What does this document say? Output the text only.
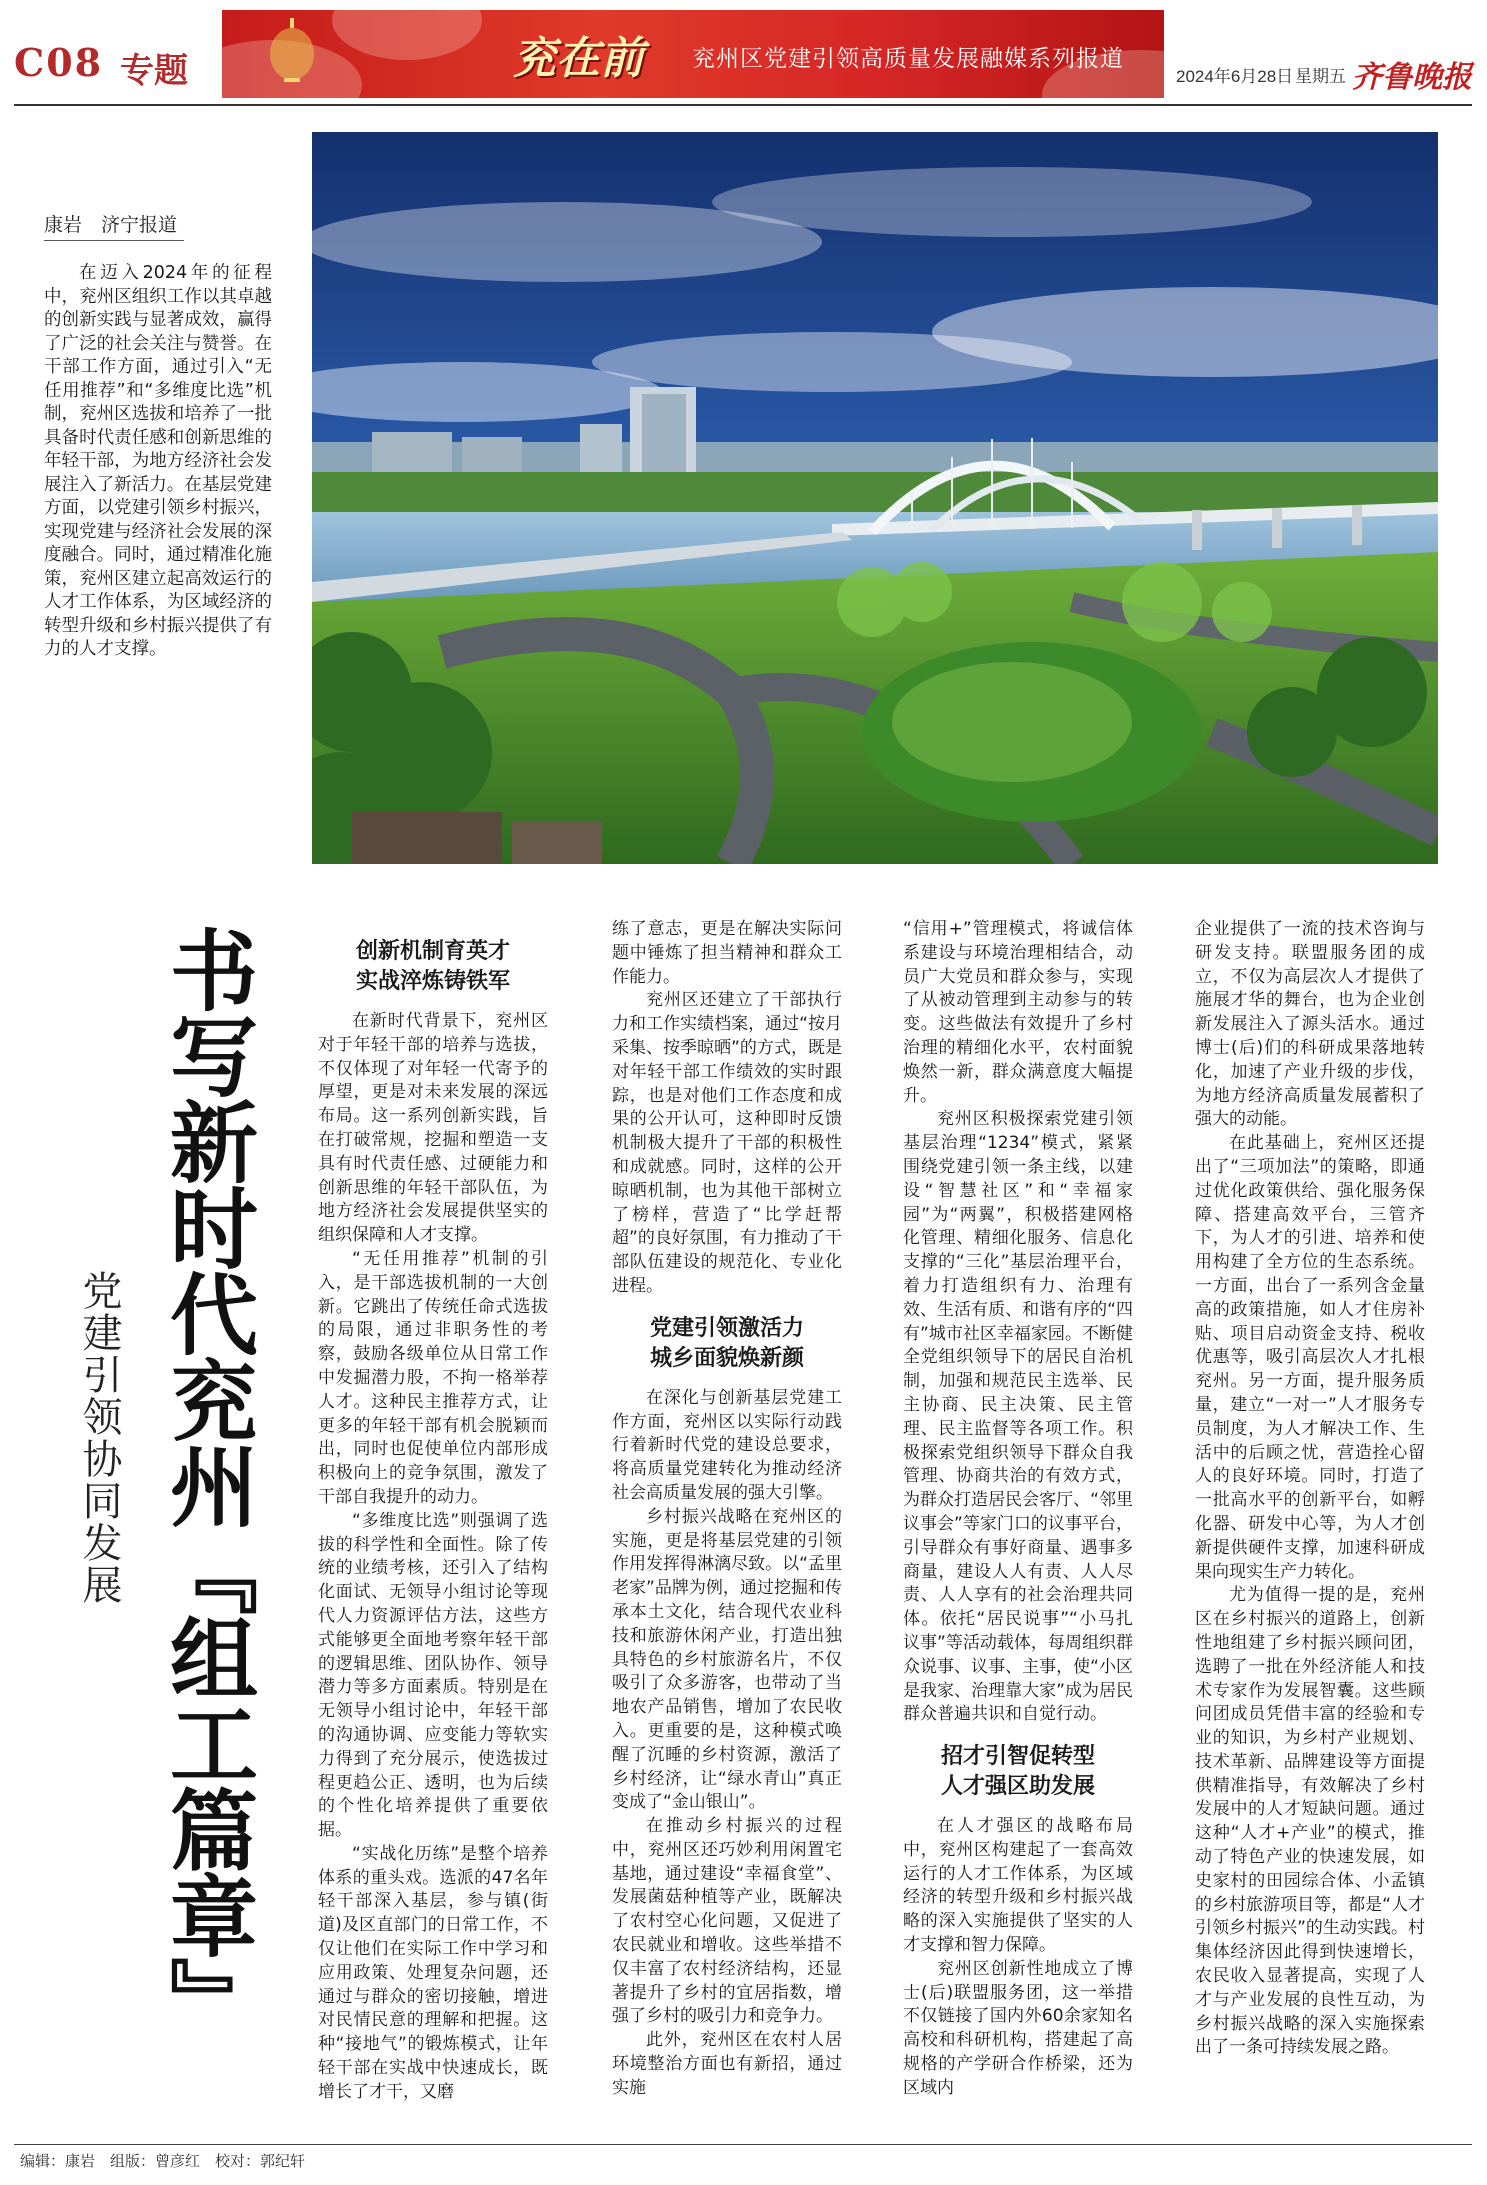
C08 专题	兖在前 兖州区党建引领高质量发展融媒系列报道
2024年6月28日 星期五 齐鲁晚报
康岩　济宁报道
在迈入2024年的征程中，兖州区组织工作以其卓越的创新实践与显著成效，赢得了广泛的社会关注与赞誉。在干部工作方面，通过引入“无任用推荐”和“多维度比选”机制，兖州区选拔和培养了一批具备时代责任感和创新思维的年轻干部，为地方经济社会发展注入了新活力。在基层党建方面，以党建引领乡村振兴，实现党建与经济社会发展的深度融合。同时，通过精准化施策，兖州区建立起高效运行的人才工作体系，为区域经济的转型升级和乡村振兴提供了有力的人才支撑。
书写新时代兖州『组工篇章』
党建引领协同发展
创新机制育英才
实战淬炼铸铁军

在新时代背景下，兖州区对于年轻干部的培养与选拔，不仅体现了对年轻一代寄予的厚望，更是对未来发展的深远布局。这一系列创新实践，旨在打破常规，挖掘和塑造一支具有时代责任感、过硬能力和创新思维的年轻干部队伍，为地方经济社会发展提供坚实的组织保障和人才支撑。

“无任用推荐”机制的引入，是干部选拔机制的一大创新。它跳出了传统任命式选拔的局限，通过非职务性的考察，鼓励各级单位从日常工作中发掘潜力股，不拘一格举荐人才。这种民主推荐方式，让更多的年轻干部有机会脱颖而出，同时也促使单位内部形成积极向上的竞争氛围，激发了干部自我提升的动力。

“多维度比选”则强调了选拔的科学性和全面性。除了传统的业绩考核，还引入了结构化面试、无领导小组讨论等现代人力资源评估方法，这些方式能够更全面地考察年轻干部的逻辑思维、团队协作、领导潜力等多方面素质。特别是在无领导小组讨论中，年轻干部的沟通协调、应变能力等软实力得到了充分展示，使选拔过程更趋公正、透明，也为后续的个性化培养提供了重要依据。

“实战化历练”是整个培养体系的重头戏。选派的47名年轻干部深入基层，参与镇(街道)及区直部门的日常工作，不仅让他们在实际工作中学习和应用政策、处理复杂问题，还通过与群众的密切接触，增进对民情民意的理解和把握。这种“接地气”的锻炼模式，让年轻干部在实战中快速成长，既增长了才干，又磨

练了意志，更是在解决实际问题中锤炼了担当精神和群众工作能力。

兖州区还建立了干部执行力和工作实绩档案，通过“按月采集、按季晾晒”的方式，既是对年轻干部工作绩效的实时跟踪，也是对他们工作态度和成果的公开认可，这种即时反馈机制极大提升了干部的积极性和成就感。同时，这样的公开晾晒机制，也为其他干部树立了榜样，营造了“比学赶帮超”的良好氛围，有力推动了干部队伍建设的规范化、专业化进程。

党建引领激活力
城乡面貌焕新颜

在深化与创新基层党建工作方面，兖州区以实际行动践行着新时代党的建设总要求，将高质量党建转化为推动经济社会高质量发展的强大引擎。

乡村振兴战略在兖州区的实施，更是将基层党建的引领作用发挥得淋漓尽致。以“孟里老家”品牌为例，通过挖掘和传承本土文化，结合现代农业科技和旅游休闲产业，打造出独具特色的乡村旅游名片，不仅吸引了众多游客，也带动了当地农产品销售，增加了农民收入。更重要的是，这种模式唤醒了沉睡的乡村资源，激活了乡村经济，让“绿水青山”真正变成了“金山银山”。

在推动乡村振兴的过程中，兖州区还巧妙利用闲置宅基地，通过建设“幸福食堂”、发展菌菇种植等产业，既解决了农村空心化问题，又促进了农民就业和增收。这些举措不仅丰富了农村经济结构，还显著提升了乡村的宜居指数，增强了乡村的吸引力和竞争力。

此外，兖州区在农村人居环境整治方面也有新招，通过实施

“信用+”管理模式，将诚信体系建设与环境治理相结合，动员广大党员和群众参与，实现了从被动管理到主动参与的转变。这些做法有效提升了乡村治理的精细化水平，农村面貌焕然一新，群众满意度大幅提升。

兖州区积极探索党建引领基层治理“1234”模式，紧紧围绕党建引领一条主线，以建设“智慧社区”和“幸福家园”为“两翼”，积极搭建网格化管理、精细化服务、信息化支撑的“三化”基层治理平台，着力打造组织有力、治理有效、生活有质、和谐有序的“四有”城市社区幸福家园。不断健全党组织领导下的居民自治机制，加强和规范民主选举、民主协商、民主决策、民主管理、民主监督等各项工作。积极探索党组织领导下群众自我管理、协商共治的有效方式，为群众打造居民会客厅、“邻里议事会”等家门口的议事平台，引导群众有事好商量、遇事多商量，建设人人有责、人人尽责、人人享有的社会治理共同体。依托“居民说事”“小马扎议事”等活动载体，每周组织群众说事、议事、主事，使“小区是我家、治理靠大家”成为居民群众普遍共识和自觉行动。

招才引智促转型
人才强区助发展

在人才强区的战略布局中，兖州区构建起了一套高效运行的人才工作体系，为区域经济的转型升级和乡村振兴战略的深入实施提供了坚实的人才支撑和智力保障。

兖州区创新性地成立了博士(后)联盟服务团，这一举措不仅链接了国内外60余家知名高校和科研机构，搭建起了高规格的产学研合作桥梁，还为区域内

企业提供了一流的技术咨询与研发支持。联盟服务团的成立，不仅为高层次人才提供了施展才华的舞台，也为企业创新发展注入了源头活水。通过博士(后)们的科研成果落地转化，加速了产业升级的步伐，为地方经济高质量发展蓄积了强大的动能。

在此基础上，兖州区还提出了“三项加法”的策略，即通过优化政策供给、强化服务保障、搭建高效平台，三管齐下，为人才的引进、培养和使用构建了全方位的生态系统。一方面，出台了一系列含金量高的政策措施，如人才住房补贴、项目启动资金支持、税收优惠等，吸引高层次人才扎根兖州。另一方面，提升服务质量，建立“一对一”人才服务专员制度，为人才解决工作、生活中的后顾之忧，营造拴心留人的良好环境。同时，打造了一批高水平的创新平台，如孵化器、研发中心等，为人才创新提供硬件支撑，加速科研成果向现实生产力转化。

尤为值得一提的是，兖州区在乡村振兴的道路上，创新性地组建了乡村振兴顾问团，选聘了一批在外经济能人和技术专家作为发展智囊。这些顾问团成员凭借丰富的经验和专业的知识，为乡村产业规划、技术革新、品牌建设等方面提供精准指导，有效解决了乡村发展中的人才短缺问题。通过这种“人才+产业”的模式，推动了特色产业的快速发展，如史家村的田园综合体、小孟镇的乡村旅游项目等，都是“人才引领乡村振兴”的生动实践。村集体经济因此得到快速增长，农民收入显著提高，实现了人才与产业发展的良性互动，为乡村振兴战略的深入实施探索出了一条可持续发展之路。

编辑：康岩　组版：曾彦红　校对：郭纪轩
